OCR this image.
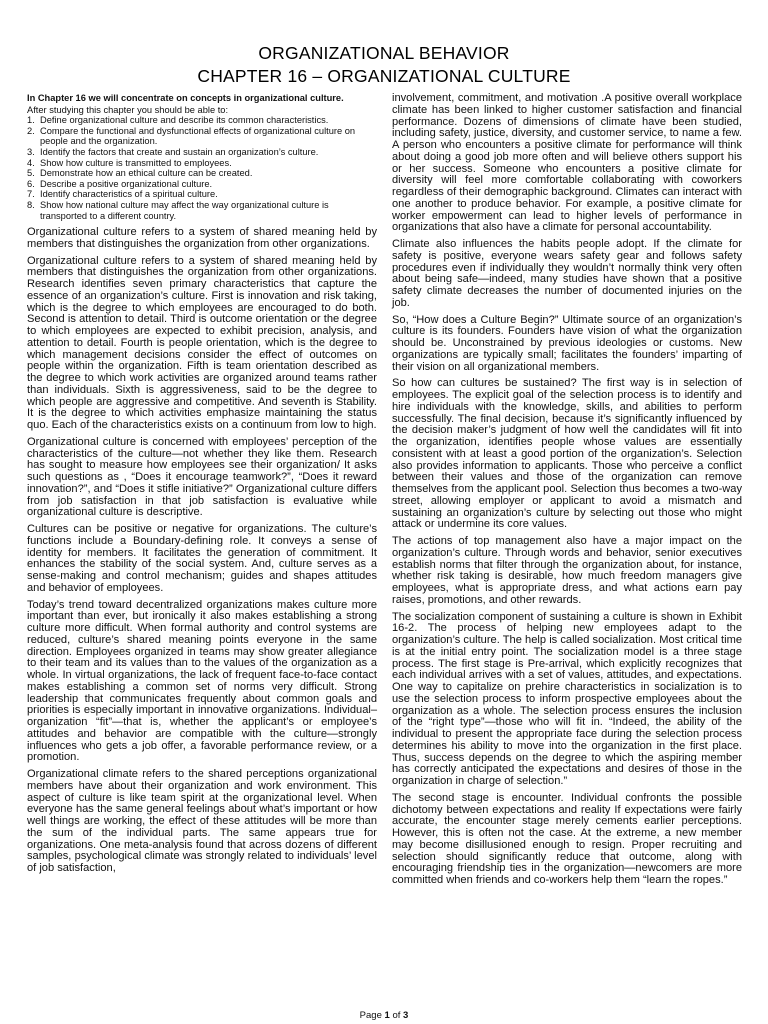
ORGANIZATIONAL BEHAVIOR
CHAPTER 16 – ORGANIZATIONAL CULTURE
In Chapter 16 we will concentrate on concepts in organizational culture.
After studying this chapter you should be able to:
1. Define organizational culture and describe its common characteristics.
2. Compare the functional and dysfunctional effects of organizational culture on people and the organization.
3. Identify the factors that create and sustain an organization’s culture.
4. Show how culture is transmitted to employees.
5. Demonstrate how an ethical culture can be created.
6. Describe a positive organizational culture.
7. Identify characteristics of a spiritual culture.
8. Show how national culture may affect the way organizational culture is transported to a different country.

Organizational culture refers to a system of shared meaning held by members that distinguishes the organization from other organizations.

Organizational culture refers to a system of shared meaning held by members that distinguishes the organization from other organizations. Research identifies seven primary characteristics that capture the essence of an organization’s culture. First is innovation and risk taking, which is the degree to which employees are encouraged to do both. Second is attention to detail. Third is outcome orientation or the degree to which employees are expected to exhibit precision, analysis, and attention to detail. Fourth is people orientation, which is the degree to which management decisions consider the effect of outcomes on people within the organization. Fifth is team orientation described as the degree to which work activities are organized around teams rather than individuals. Sixth is aggressiveness, said to be the degree to which people are aggressive and competitive. And seventh is Stability. It is the degree to which activities emphasize maintaining the status quo. Each of the characteristics exists on a continuum from low to high.

Organizational culture is concerned with employees’ perception of the characteristics of the culture—not whether they like them. Research has sought to measure how employees see their organization/ It asks such questions as , “Does it encourage teamwork?”, “Does it reward innovation?”, and “Does it stifle initiative?” Organizational culture differs from job satisfaction in that job satisfaction is evaluative while organizational culture is descriptive.

Cultures can be positive or negative for organizations. The culture’s functions include a Boundary-defining role. It conveys a sense of identity for members. It facilitates the generation of commitment. It enhances the stability of the social system. And, culture serves as a sense-making and control mechanism; guides and shapes attitudes and behavior of employees.

Today’s trend toward decentralized organizations makes culture more important than ever, but ironically it also makes establishing a strong culture more difficult. When formal authority and control systems are reduced, culture’s shared meaning points everyone in the same direction. Employees organized in teams may show greater allegiance to their team and its values than to the values of the organization as a whole. In virtual organizations, the lack of frequent face-to-face contact makes establishing a common set of norms very difficult. Strong leadership that communicates frequently about common goals and priorities is especially important in innovative organizations. Individual–organization “fit”—that is, whether the applicant’s or employee’s attitudes and behavior are compatible with the culture—strongly influences who gets a job offer, a favorable performance review, or a promotion.

Organizational climate refers to the shared perceptions organizational members have about their organization and work environment. This aspect of culture is like team spirit at the organizational level. When everyone has the same general feelings about what’s important or how well things are working, the effect of these attitudes will be more than the sum of the individual parts. The same appears true for organizations. One meta-analysis found that across dozens of different samples, psychological climate was strongly related to individuals’ level of job satisfaction,

involvement, commitment, and motivation .A positive overall workplace climate has been linked to higher customer satisfaction and financial performance. Dozens of dimensions of climate have been studied, including safety, justice, diversity, and customer service, to name a few. A person who encounters a positive climate for performance will think about doing a good job more often and will believe others support his or her success. Someone who encounters a positive climate for diversity will feel more comfortable collaborating with coworkers regardless of their demographic background. Climates can interact with one another to produce behavior. For example, a positive climate for worker empowerment can lead to higher levels of performance in organizations that also have a climate for personal accountability.

Climate also influences the habits people adopt. If the climate for safety is positive, everyone wears safety gear and follows safety procedures even if individually they wouldn’t normally think very often about being safe—indeed, many studies have shown that a positive safety climate decreases the number of documented injuries on the job.

So, “How does a Culture Begin?” Ultimate source of an organization’s culture is its founders. Founders have vision of what the organization should be. Unconstrained by previous ideologies or customs. New organizations are typically small; facilitates the founders’ imparting of their vision on all organizational members.

So how can cultures be sustained? The first way is in selection of employees. The explicit goal of the selection process is to identify and hire individuals with the knowledge, skills, and abilities to perform successfully. The final decision, because it’s significantly influenced by the decision maker’s judgment of how well the candidates will fit into the organization, identifies people whose values are essentially consistent with at least a good portion of the organization’s. Selection also provides information to applicants. Those who perceive a conflict between their values and those of the organization can remove themselves from the applicant pool. Selection thus becomes a two-way street, allowing employer or applicant to avoid a mismatch and sustaining an organization’s culture by selecting out those who might attack or undermine its core values.

The actions of top management also have a major impact on the organization’s culture. Through words and behavior, senior executives establish norms that filter through the organization about, for instance, whether risk taking is desirable, how much freedom managers give employees, what is appropriate dress, and what actions earn pay raises, promotions, and other rewards.

The socialization component of sustaining a culture is shown in Exhibit 16-2. The process of helping new employees adapt to the organization’s culture. The help is called socialization. Most critical time is at the initial entry point. The socialization model is a three stage process. The first stage is Pre-arrival, which explicitly recognizes that each individual arrives with a set of values, attitudes, and expectations. One way to capitalize on prehire characteristics in socialization is to use the selection process to inform prospective employees about the organization as a whole. The selection process ensures the inclusion of the “right type”—those who will fit in. “Indeed, the ability of the individual to present the appropriate face during the selection process determines his ability to move into the organization in the first place. Thus, success depends on the degree to which the aspiring member has correctly anticipated the expectations and desires of those in the organization in charge of selection.”

The second stage is encounter. Individual confronts the possible dichotomy between expectations and reality If expectations were fairly accurate, the encounter stage merely cements earlier perceptions. However, this is often not the case. At the extreme, a new member may become disillusioned enough to resign. Proper recruiting and selection should significantly reduce that outcome, along with encouraging friendship ties in the organization—newcomers are more committed when friends and co-workers help them “learn the ropes.”

Page 1 of 3
